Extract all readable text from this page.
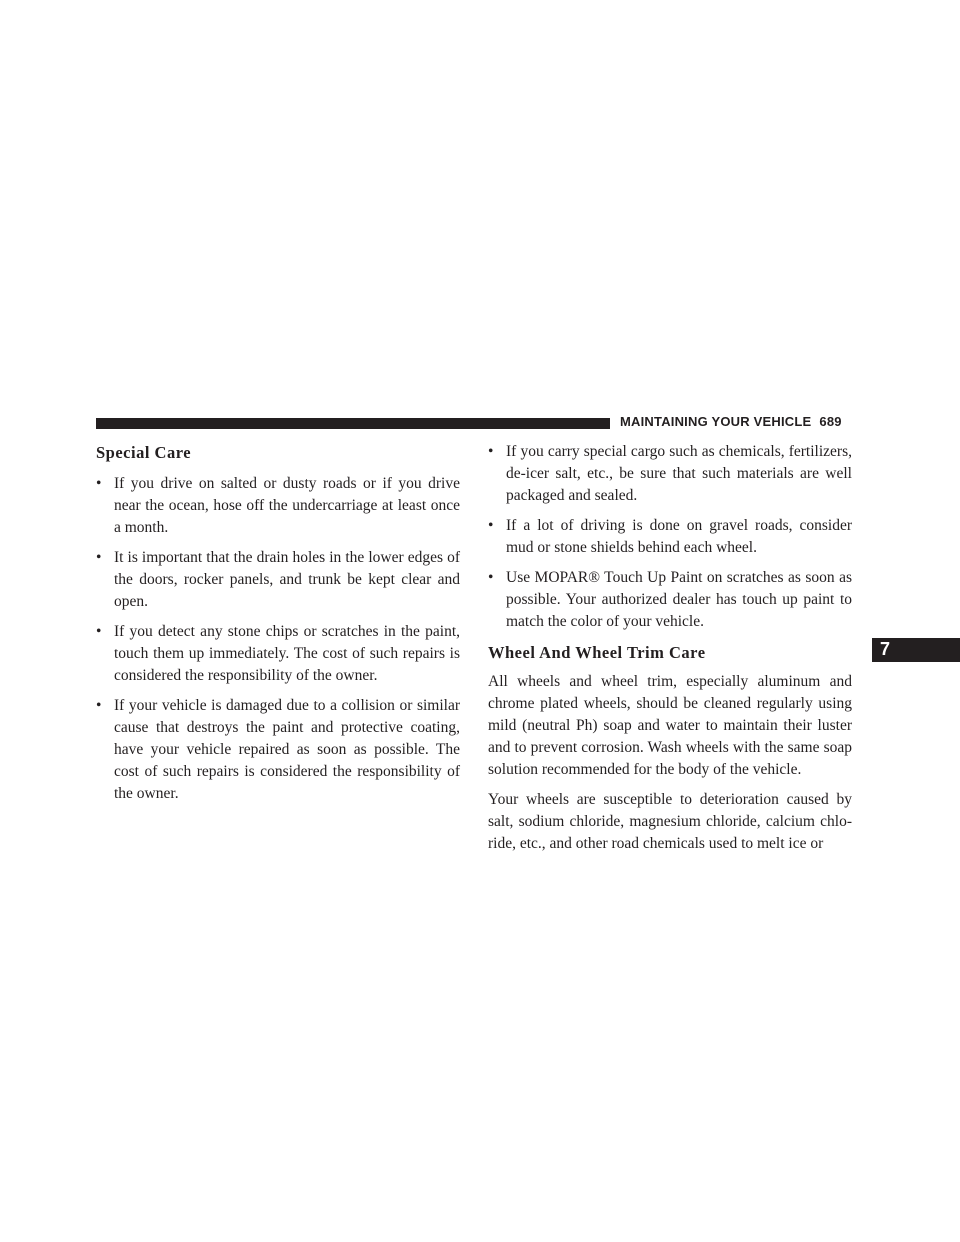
MAINTAINING YOUR VEHICLE 689
Special Care
• If you drive on salted or dusty roads or if you drive near the ocean, hose off the undercarriage at least once a month.
• It is important that the drain holes in the lower edges of the doors, rocker panels, and trunk be kept clear and open.
• If you detect any stone chips or scratches in the paint, touch them up immediately. The cost of such repairs is considered the responsibility of the owner.
• If your vehicle is damaged due to a collision or similar cause that destroys the paint and protective coating, have your vehicle repaired as soon as possible. The cost of such repairs is considered the responsibility of the owner.
• If you carry special cargo such as chemicals, fertilizers, de-icer salt, etc., be sure that such materials are well packaged and sealed.
• If a lot of driving is done on gravel roads, consider mud or stone shields behind each wheel.
• Use MOPAR® Touch Up Paint on scratches as soon as possible. Your authorized dealer has touch up paint to match the color of your vehicle.
Wheel And Wheel Trim Care

All wheels and wheel trim, especially aluminum and chrome plated wheels, should be cleaned regularly using mild (neutral Ph) soap and water to maintain their luster and to prevent corrosion. Wash wheels with the same soap solution recommended for the body of the vehicle.

Your wheels are susceptible to deterioration caused by salt, sodium chloride, magnesium chloride, calcium chlo-ride, etc., and other road chemicals used to melt ice or

7
